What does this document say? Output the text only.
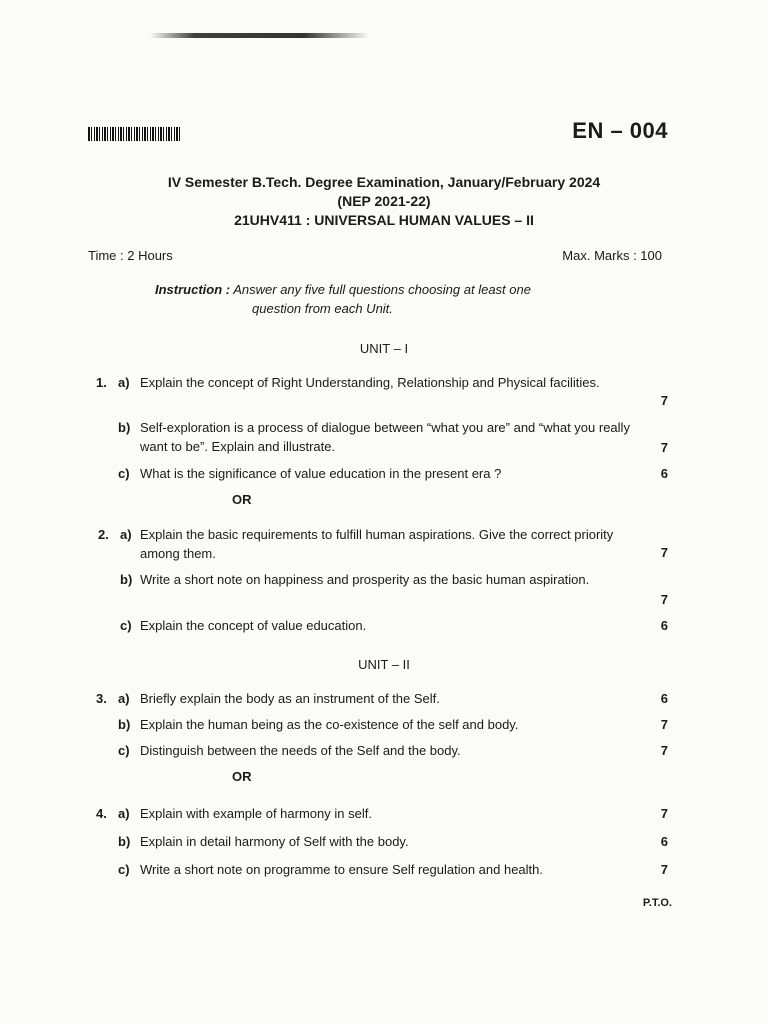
EN – 004
IV Semester B.Tech. Degree Examination, January/February 2024
(NEP 2021-22)
21UHV411 : UNIVERSAL HUMAN VALUES – II
Time : 2 Hours	Max. Marks : 100
Instruction : Answer any five full questions choosing at least one
question from each Unit.
UNIT – I
1. a) Explain the concept of Right Understanding, Relationship and Physical facilities.
7
b) Self-exploration is a process of dialogue between “what you are” and “what you really want to be”. Explain and illustrate.	7
c) What is the significance of value education in the present era ?	6
OR
2. a) Explain the basic requirements to fulfill human aspirations. Give the correct priority among them.	7
b) Write a short note on happiness and prosperity as the basic human aspiration.
7
c) Explain the concept of value education.	6
UNIT – II
3. a) Briefly explain the body as an instrument of the Self.	6
b) Explain the human being as the co-existence of the self and body.	7
c) Distinguish between the needs of the Self and the body.	7
OR
4. a) Explain with example of harmony in self.	7
b) Explain in detail harmony of Self with the body.	6
c) Write a short note on programme to ensure Self regulation and health.	7
P.T.O.
